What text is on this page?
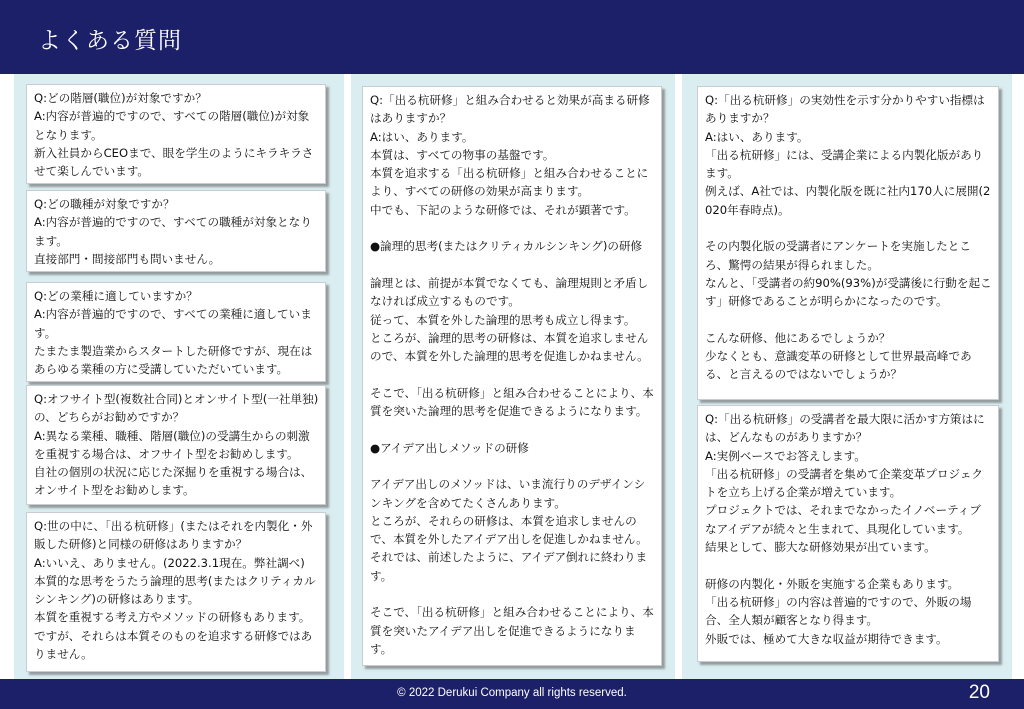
よくある質問

Q:どの階層(職位)が対象ですか？

A:内容が普遍的ですので、すべての階層(職位)が対象となります。

新入社員からCEOまで、眼を学生のようにキラキラさせて楽しんでいます。

Q:どの職種が対象ですか？

A:内容が普遍的ですので、すべての職種が対象となります。

直接部門・間接部門も問いません。

Q:どの業種に適していますか？

A:内容が普遍的ですので、すべての業種に適しています。

たまたま製造業からスタートした研修ですが、現在はあらゆる業種の方に受講していただいています。

Q:オフサイト型(複数社合同)とオンサイト型(一社単独)の、どちらがお勧めですか？

A:異なる業種、職種、階層(職位)の受講生からの刺激を重視する場合は、オフサイト型をお勧めします。

自社の個別の状況に応じた深掘りを重視する場合は、オンサイト型をお勧めします。

Q:世の中に、「出る杭研修」(またはそれを内製化・外販した研修)と同様の研修はありますか？

A:いいえ、ありません。(2022.3.1現在。弊社調べ)

本質的な思考をうたう論理的思考(またはクリティカルシンキング)の研修はあります。

本質を重視する考え方やメソッドの研修もあります。

ですが、それらは本質そのものを追求する研修ではありません。

Q:「出る杭研修」と組み合わせると効果が高まる研修はありますか？

A:はい、あります。

本質は、すべての物事の基盤です。

本質を追求する「出る杭研修」と組み合わせることにより、すべての研修の効果が高まります。

中でも、下記のような研修では、それが顕著です。

●論理的思考(またはクリティカルシンキング)の研修

論理とは、前提が本質でなくても、論理規則と矛盾しなければ成立するものです。

従って、本質を外した論理的思考も成立し得ます。

ところが、論理的思考の研修は、本質を追求しませんので、本質を外した論理的思考を促進しかねません。

そこで、「出る杭研修」と組み合わせることにより、本質を突いた論理的思考を促進できるようになります。

●アイデア出しメソッドの研修

アイデア出しのメソッドは、いま流行りのデザインシンキングを含めてたくさんあります。

ところが、それらの研修は、本質を追求しませんので、本質を外したアイデア出しを促進しかねません。

それでは、前述したように、アイデア倒れに終わります。

そこで、「出る杭研修」と組み合わせることにより、本質を突いたアイデア出しを促進できるようになります。

Q:「出る杭研修」の実効性を示す分かりやすい指標はありますか？

A:はい、あります。

「出る杭研修」には、受講企業による内製化版があります。

例えば、A社では、内製化版を既に社内170人に展開(2020年春時点)。

その内製化版の受講者にアンケートを実施したところ、驚愕の結果が得られました。

なんと、「受講者の約90%(93%)が受講後に行動を起こす」研修であることが明らかになったのです。

こんな研修、他にあるでしょうか？

少なくとも、意識変革の研修として世界最高峰である、と言えるのではないでしょうか？

Q:「出る杭研修」の受講者を最大限に活かす方策はには、どんなものがありますか？

A:実例ベースでお答えします。

「出る杭研修」の受講者を集めて企業変革プロジェクトを立ち上げる企業が増えています。

プロジェクトでは、それまでなかったイノベーティブなアイデアが続々と生まれて、具現化しています。

結果として、膨大な研修効果が出ています。

研修の内製化・外販を実施する企業もあります。

「出る杭研修」の内容は普遍的ですので、外販の場合、全人類が顧客となり得ます。

外販では、極めて大きな収益が期待できます。

© 2022 Derukui Company all rights reserved.	20
